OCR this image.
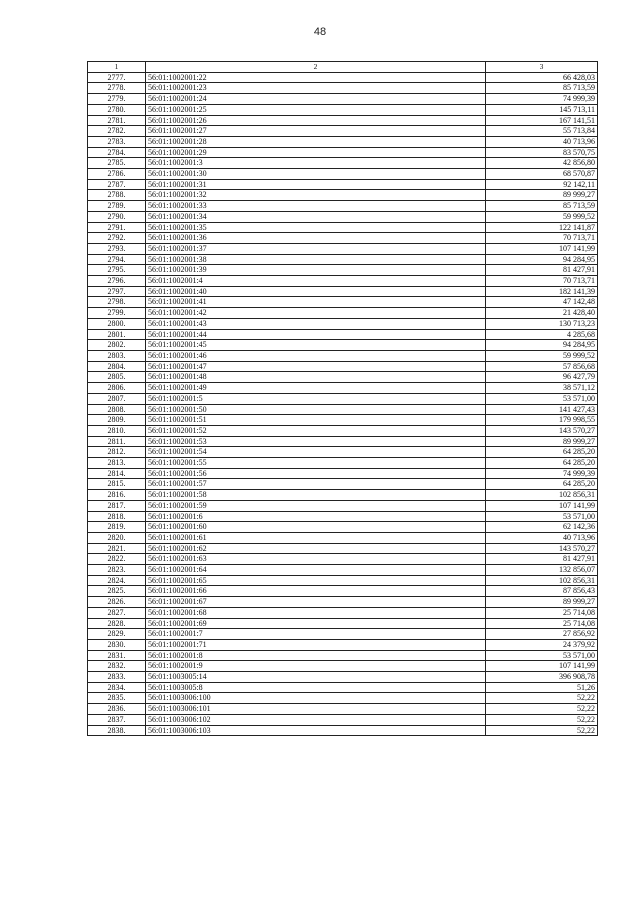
48
1	2	3
2777.	56:01:1002001:22	66 428,03
2778.	56:01:1002001:23	85 713,59
2779.	56:01:1002001:24	74 999,39
2780.	56:01:1002001:25	145 713,11
2781.	56:01:1002001:26	167 141,51
2782.	56:01:1002001:27	55 713,84
2783.	56:01:1002001:28	40 713,96
2784.	56:01:1002001:29	83 570,75
2785.	56:01:1002001:3	42 856,80
2786.	56:01:1002001:30	68 570,87
2787.	56:01:1002001:31	92 142,11
2788.	56:01:1002001:32	89 999,27
2789.	56:01:1002001:33	85 713,59
2790.	56:01:1002001:34	59 999,52
2791.	56:01:1002001:35	122 141,87
2792.	56:01:1002001:36	70 713,71
2793.	56:01:1002001:37	107 141,99
2794.	56:01:1002001:38	94 284,95
2795.	56:01:1002001:39	81 427,91
2796.	56:01:1002001:4	70 713,71
2797.	56:01:1002001:40	182 141,39
2798.	56:01:1002001:41	47 142,48
2799.	56:01:1002001:42	21 428,40
2800.	56:01:1002001:43	130 713,23
2801.	56:01:1002001:44	4 285,68
2802.	56:01:1002001:45	94 284,95
2803.	56:01:1002001:46	59 999,52
2804.	56:01:1002001:47	57 856,68
2805.	56:01:1002001:48	96 427,79
2806.	56:01:1002001:49	38 571,12
2807.	56:01:1002001:5	53 571,00
2808.	56:01:1002001:50	141 427,43
2809.	56:01:1002001:51	179 998,55
2810.	56:01:1002001:52	143 570,27
2811.	56:01:1002001:53	89 999,27
2812.	56:01:1002001:54	64 285,20
2813.	56:01:1002001:55	64 285,20
2814.	56:01:1002001:56	74 999,39
2815.	56:01:1002001:57	64 285,20
2816.	56:01:1002001:58	102 856,31
2817.	56:01:1002001:59	107 141,99
2818.	56:01:1002001:6	53 571,00
2819.	56:01:1002001:60	62 142,36
2820.	56:01:1002001:61	40 713,96
2821.	56:01:1002001:62	143 570,27
2822.	56:01:1002001:63	81 427,91
2823.	56:01:1002001:64	132 856,07
2824.	56:01:1002001:65	102 856,31
2825.	56:01:1002001:66	87 856,43
2826.	56:01:1002001:67	89 999,27
2827.	56:01:1002001:68	25 714,08
2828.	56:01:1002001:69	25 714,08
2829.	56:01:1002001:7	27 856,92
2830.	56:01:1002001:71	24 379,92
2831.	56:01:1002001:8	53 571,00
2832.	56:01:1002001:9	107 141,99
2833.	56:01:1003005:14	396 908,78
2834.	56:01:1003005:8	51,26
2835.	56:01:1003006:100	52,22
2836.	56:01:1003006:101	52,22
2837.	56:01:1003006:102	52,22
2838.	56:01:1003006:103	52,22
